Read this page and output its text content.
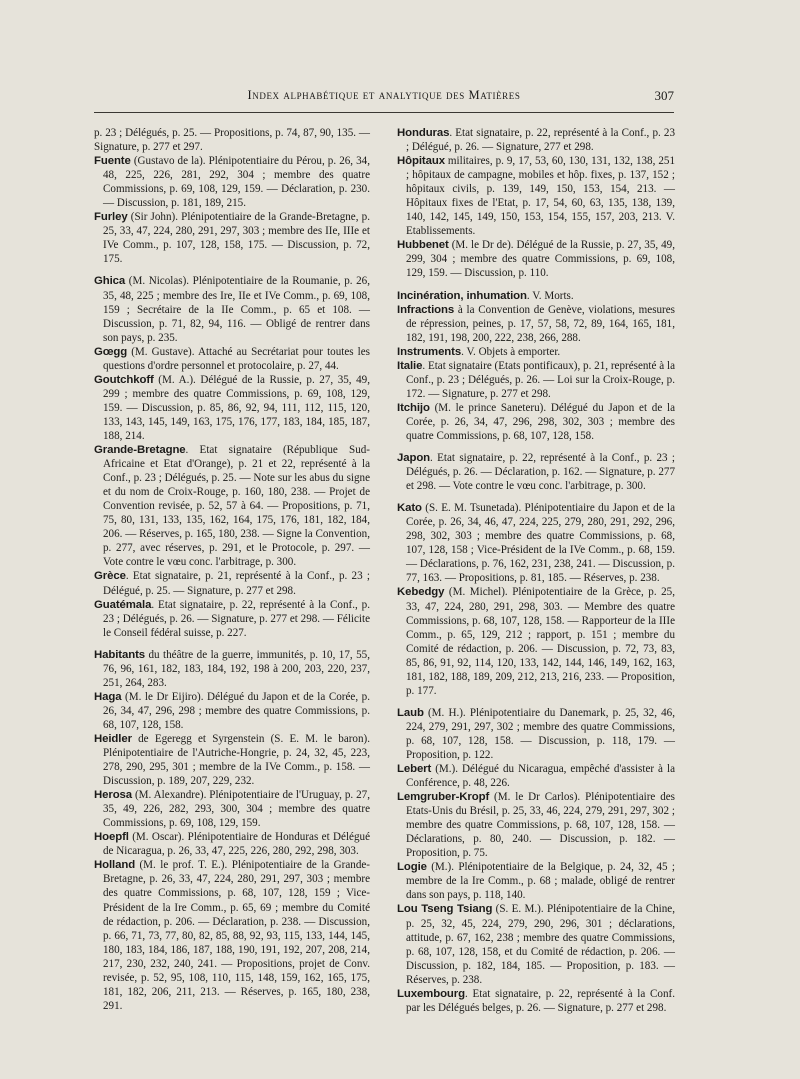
Index alphabétique et analytique des Matières	307

p. 23 ; Délégués, p. 25. — Propositions, p. 74, 87, 90, 135. — Signature, p. 277 et 297.

Fuente (Gustavo de la). Plénipotentiaire du Pérou, p. 26, 34, 48, 225, 226, 281, 292, 304 ; membre des quatre Commissions, p. 69, 108, 129, 159. — Déclaration, p. 230. — Discussion, p. 181, 189, 215.

Furley (Sir John). Plénipotentiaire de la Grande-Bretagne, p. 25, 33, 47, 224, 280, 291, 297, 303 ; membre des IIe, IIIe et IVe Comm., p. 107, 128, 158, 175. — Discussion, p. 72, 175.

Ghica (M. Nicolas). Plénipotentiaire de la Roumanie, p. 26, 35, 48, 225 ; membre des Ire, IIe et IVe Comm., p. 69, 108, 159 ; Secrétaire de la IIe Comm., p. 65 et 108. — Discussion, p. 71, 82, 94, 116. — Obligé de rentrer dans son pays, p. 235.

Gœgg (M. Gustave). Attaché au Secrétariat pour toutes les questions d'ordre personnel et protocolaire, p. 27, 44.

Goutchkoff (M. A.). Délégué de la Russie, p. 27, 35, 49, 299 ; membre des quatre Commissions, p. 69, 108, 129, 159. — Discussion, p. 85, 86, 92, 94, 111, 112, 115, 120, 133, 143, 145, 149, 163, 175, 176, 177, 183, 184, 185, 187, 188, 214.

Grande-Bretagne. Etat signataire (République Sud-Africaine et Etat d'Orange), p. 21 et 22, représenté à la Conf., p. 23 ; Délégués, p. 25. — Note sur les abus du signe et du nom de Croix-Rouge, p. 160, 180, 238. — Projet de Convention revisée, p. 52, 57 à 64. — Propositions, p. 71, 75, 80, 131, 133, 135, 162, 164, 175, 176, 181, 182, 184, 206. — Réserves, p. 165, 180, 238. — Signe la Convention, p. 277, avec réserves, p. 291, et le Protocole, p. 297. — Vote contre le vœu conc. l'arbitrage, p. 300.

Grèce. Etat signataire, p. 21, représenté à la Conf., p. 23 ; Délégué, p. 25. — Signature, p. 277 et 298.

Guatémala. Etat signataire, p. 22, représenté à la Conf., p. 23 ; Délégués, p. 26. — Signature, p. 277 et 298. — Félicite le Conseil fédéral suisse, p. 227.

Habitants du théâtre de la guerre, immunités, p. 10, 17, 55, 76, 96, 161, 182, 183, 184, 192, 198 à 200, 203, 220, 237, 251, 264, 283.

Haga (M. le Dr Eijiro). Délégué du Japon et de la Corée, p. 26, 34, 47, 296, 298 ; membre des quatre Commissions, p. 68, 107, 128, 158.

Heidler de Egeregg et Syrgenstein (S. E. M. le baron). Plénipotentiaire de l'Autriche-Hongrie, p. 24, 32, 45, 223, 278, 290, 295, 301 ; membre de la IVe Comm., p. 158. — Discussion, p. 189, 207, 229, 232.

Herosa (M. Alexandre). Plénipotentiaire de l'Uruguay, p. 27, 35, 49, 226, 282, 293, 300, 304 ; membre des quatre Commissions, p. 69, 108, 129, 159.

Hoepfl (M. Oscar). Plénipotentiaire de Honduras et Délégué de Nicaragua, p. 26, 33, 47, 225, 226, 280, 292, 298, 303.

Holland (M. le prof. T. E.). Plénipotentiaire de la Grande-Bretagne, p. 26, 33, 47, 224, 280, 291, 297, 303 ; membre des quatre Commissions, p. 68, 107, 128, 159 ; Vice-Président de la Ire Comm., p. 65, 69 ; membre du Comité de rédaction, p. 206. — Déclaration, p. 238. — Discussion, p. 66, 71, 73, 77, 80, 82, 85, 88, 92, 93, 115, 133, 144, 145, 180, 183, 184, 186, 187, 188, 190, 191, 192, 207, 208, 214, 217, 230, 232, 240, 241. — Propositions, projet de Conv. revisée, p. 52, 95, 108, 110, 115, 148, 159, 162, 165, 175, 181, 182, 206, 211, 213. — Réserves, p. 165, 180, 238, 291.

Honduras. Etat signataire, p. 22, représenté à la Conf., p. 23 ; Délégué, p. 26. — Signature, 277 et 298.

Hôpitaux militaires, p. 9, 17, 53, 60, 130, 131, 132, 138, 251 ; hôpitaux de campagne, mobiles et hôp. fixes, p. 137, 152 ; hôpitaux civils, p. 139, 149, 150, 153, 154, 213. — Hôpitaux fixes de l'Etat, p. 17, 54, 60, 63, 135, 138, 139, 140, 142, 145, 149, 150, 153, 154, 155, 157, 203, 213. V. Etablissements.

Hubbenet (M. le Dr de). Délégué de la Russie, p. 27, 35, 49, 299, 304 ; membre des quatre Commissions, p. 69, 108, 129, 159. — Discussion, p. 110.

Incinération, inhumation. V. Morts.

Infractions à la Convention de Genève, violations, mesures de répression, peines, p. 17, 57, 58, 72, 89, 164, 165, 181, 182, 191, 198, 200, 222, 238, 266, 288.

Instruments. V. Objets à emporter.

Italie. Etat signataire (Etats pontificaux), p. 21, représenté à la Conf., p. 23 ; Délégués, p. 26. — Loi sur la Croix-Rouge, p. 172. — Signature, p. 277 et 298.

Itchijo (M. le prince Saneteru). Délégué du Japon et de la Corée, p. 26, 34, 47, 296, 298, 302, 303 ; membre des quatre Commissions, p. 68, 107, 128, 158.

Japon. Etat signataire, p. 22, représenté à la Conf., p. 23 ; Délégués, p. 26. — Déclaration, p. 162. — Signature, p. 277 et 298. — Vote contre le vœu conc. l'arbitrage, p. 300.

Kato (S. E. M. Tsunetada). Plénipotentiaire du Japon et de la Corée, p. 26, 34, 46, 47, 224, 225, 279, 280, 291, 292, 296, 298, 302, 303 ; membre des quatre Commissions, p. 68, 107, 128, 158 ; Vice-Président de la IVe Comm., p. 68, 159. — Déclarations, p. 76, 162, 231, 238, 241. — Discussion, p. 77, 163. — Propositions, p. 81, 185. — Réserves, p. 238.

Kebedgy (M. Michel). Plénipotentiaire de la Grèce, p. 25, 33, 47, 224, 280, 291, 298, 303. — Membre des quatre Commissions, p. 68, 107, 128, 158. — Rapporteur de la IIIe Comm., p. 65, 129, 212 ; rapport, p. 151 ; membre du Comité de rédaction, p. 206. — Discussion, p. 72, 73, 83, 85, 86, 91, 92, 114, 120, 133, 142, 144, 146, 149, 162, 163, 181, 182, 188, 189, 209, 212, 213, 216, 233. — Proposition, p. 177.

Laub (M. H.). Plénipotentiaire du Danemark, p. 25, 32, 46, 224, 279, 291, 297, 302 ; membre des quatre Commissions, p. 68, 107, 128, 158. — Discussion, p. 118, 179. — Proposition, p. 122.

Lebert (M.). Délégué du Nicaragua, empêché d'assister à la Conférence, p. 48, 226.

Lemgruber-Kropf (M. le Dr Carlos). Plénipotentiaire des Etats-Unis du Brésil, p. 25, 33, 46, 224, 279, 291, 297, 302 ; membre des quatre Commissions, p. 68, 107, 128, 158. — Déclarations, p. 80, 240. — Discussion, p. 182. — Proposition, p. 75.

Logie (M.). Plénipotentiaire de la Belgique, p. 24, 32, 45 ; membre de la Ire Comm., p. 68 ; malade, obligé de rentrer dans son pays, p. 118, 140.

Lou Tseng Tsiang (S. E. M.). Plénipotentiaire de la Chine, p. 25, 32, 45, 224, 279, 290, 296, 301 ; déclarations, attitude, p. 67, 162, 238 ; membre des quatre Commissions, p. 68, 107, 128, 158, et du Comité de rédaction, p. 206. — Discussion, p. 182, 184, 185. — Proposition, p. 183. — Réserves, p. 238.

Luxembourg. Etat signataire, p. 22, représenté à la Conf. par les Délégués belges, p. 26. — Signature, p. 277 et 298.
